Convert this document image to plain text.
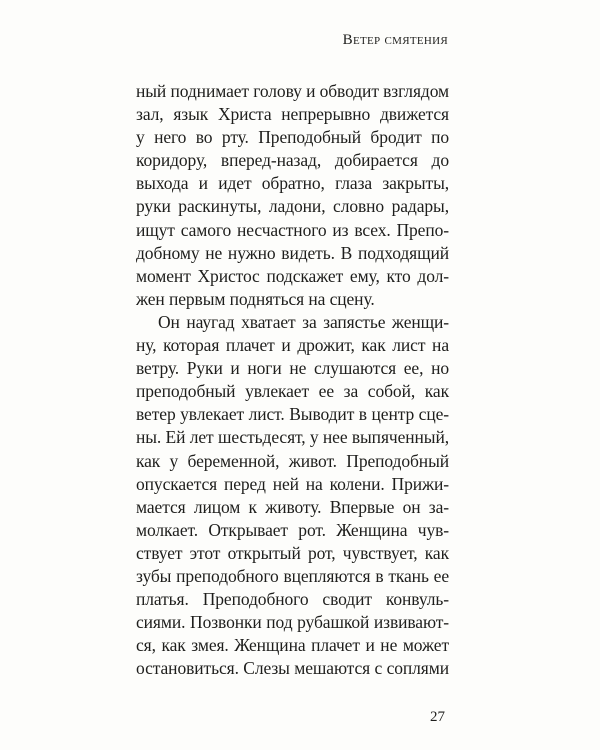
Ветер смятения
ный поднимает голову и обводит взглядом
зал, язык Христа непрерывно движется
у него во рту. Преподобный бродит по
коридору, вперед-назад, добирается до
выхода и идет обратно, глаза закрыты,
руки раскинуты, ладони, словно радары,
ищут самого несчастного из всех. Препо-
добному не нужно видеть. В подходящий
момент Христос подскажет ему, кто дол-
жен первым подняться на сцену.
Он наугад хватает за запястье женщи-
ну, которая плачет и дрожит, как лист на
ветру. Руки и ноги не слушаются ее, но
преподобный увлекает ее за собой, как
ветер увлекает лист. Выводит в центр сце-
ны. Ей лет шестьдесят, у нее выпяченный,
как у беременной, живот. Преподобный
опускается перед ней на колени. Прижи-
мается лицом к животу. Впервые он за-
молкает. Открывает рот. Женщина чув-
ствует этот открытый рот, чувствует, как
зубы преподобного вцепляются в ткань ее
платья. Преподобного сводит конвуль-
сиями. Позвонки под рубашкой извивают-
ся, как змея. Женщина плачет и не может
остановиться. Слезы мешаются с соплями
27
